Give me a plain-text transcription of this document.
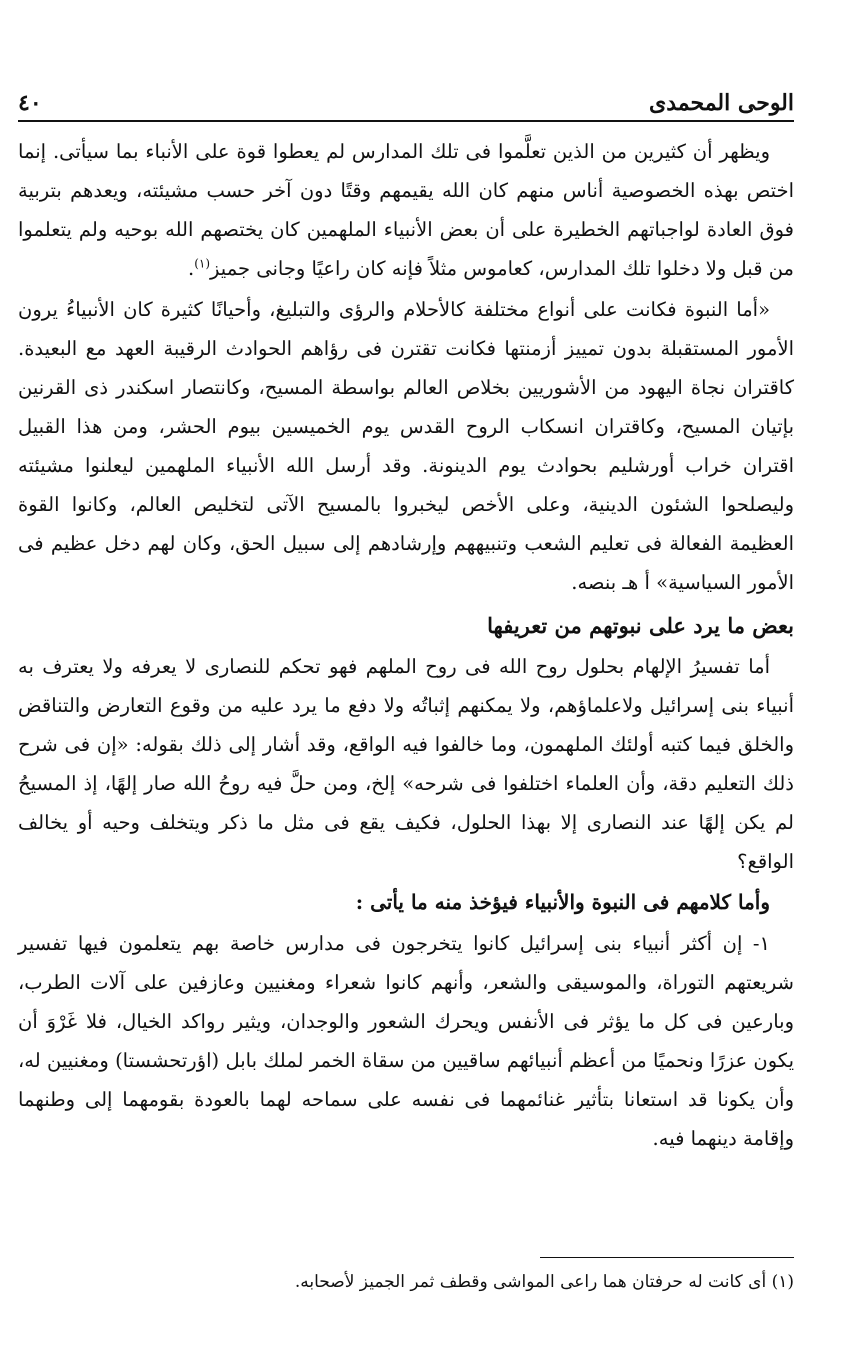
الوحى المحمدى
٤٠

ويظهر أن كثيرين من الذين تعلَّموا فى تلك المدارس لم يعطوا قوة على الأنباء بما سيأتى. إنما اختص بهذه الخصوصية أناس منهم كان الله يقيمهم وقتًا دون آخر حسب مشيئته، ويعدهم بتربية فوق العادة لواجباتهم الخطيرة على أن بعض الأنبياء الملهمين كان يختصهم الله بوحيه ولم يتعلموا من قبل ولا دخلوا تلك المدارس، كعاموس مثلاً فإنه كان راعيًا وجانى جميز$^{(١)}$.

«أما النبوة فكانت على أنواع مختلفة كالأحلام والرؤى والتبليغ، وأحيانًا كثيرة كان الأنبياءُ يرون الأمور المستقبلة بدون تمييز أزمنتها فكانت تقترن فى رؤاهم الحوادث الرقيبة العهد مع البعيدة. كاقتران نجاة اليهود من الأشوريين بخلاص العالم بواسطة المسيح، وكانتصار اسكندر ذى القرنين بإتيان المسيح، وكاقتران انسكاب الروح القدس يوم الخميسين بيوم الحشر، ومن هذا القبيل اقتران خراب أورشليم بحوادث يوم الدينونة. وقد أرسل الله الأنبياء الملهمين ليعلنوا مشيئته وليصلحوا الشئون الدينية، وعلى الأخص ليخبروا بالمسيح الآتى لتخليص العالم، وكانوا القوة العظيمة الفعالة فى تعليم الشعب وتنبيههم وإرشادهم إلى سبيل الحق، وكان لهم دخل عظيم فى الأمور السياسية» أ هـ بنصه.

بعض ما يرد على نبوتهم من تعريفها

أما تفسيرُ الإلهام بحلول روح الله فى روح الملهم فهو تحكم للنصارى لا يعرفه ولا يعترف به أنبياء بنى إسرائيل ولاعلماؤهم، ولا يمكنهم إثباتُه ولا دفع ما يرد عليه من وقوع التعارض والتناقض والخلق فيما كتبه أولئك الملهمون، وما خالفوا فيه الواقع، وقد أشار إلى ذلك بقوله: «إن فى شرح ذلك التعليم دقة، وأن العلماء اختلفوا فى شرحه» إلخ، ومن حلَّ فيه روحُ الله صار إلهًا، إذ المسيحُ لم يكن إلهًا عند النصارى إلا بهذا الحلول، فكيف يقع فى مثل ما ذكر ويتخلف وحيه أو يخالف الواقع؟

وأما كلامهم فى النبوة والأنبياء فيؤخذ منه ما يأتى :

١- إن أكثر أنبياء بنى إسرائيل كانوا يتخرجون فى مدارس خاصة بهم يتعلمون فيها تفسير شريعتهم التوراة، والموسيقى والشعر، وأنهم كانوا شعراء ومغنيين وعازفين على آلات الطرب، وبارعين فى كل ما يؤثر فى الأنفس ويحرك الشعور والوجدان، ويثير رواكد الخيال، فلا غَرْوَ أن يكون عزرًا ونحميًا من أعظم أنبيائهم ساقيين من سقاة الخمر لملك بابل (اؤرتحشستا) ومغنيين له، وأن يكونا قد استعانا بتأثير غنائمهما فى نفسه على سماحه لهما بالعودة بقومهما إلى وطنهما وإقامة دينهما فيه.

(١) أى كانت له حرفتان هما راعى المواشى وقطف ثمر الجميز لأصحابه.
